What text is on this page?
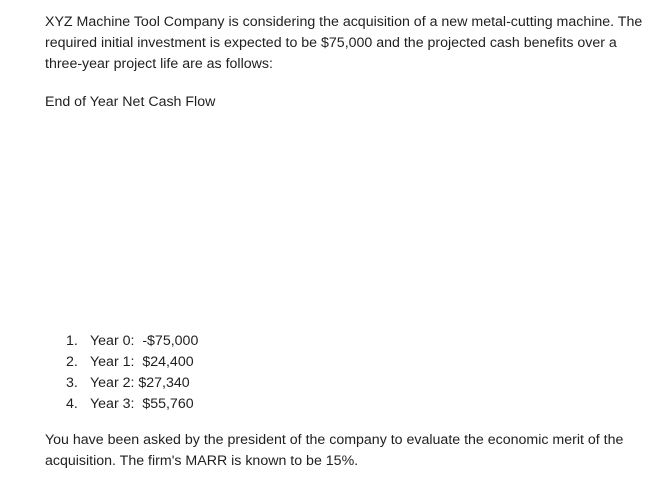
XYZ Machine Tool Company is considering the acquisition of a new metal-cutting machine. The required initial investment is expected to be $75,000 and the projected cash benefits over a three-year project life are as follows:

End of Year Net Cash Flow

1. Year 0:  -$75,000
2. Year 1:  $24,400
3. Year 2: $27,340
4. Year 3:  $55,760

You have been asked by the president of the company to evaluate the economic merit of the acquisition. The firm's MARR is known to be 15%.
